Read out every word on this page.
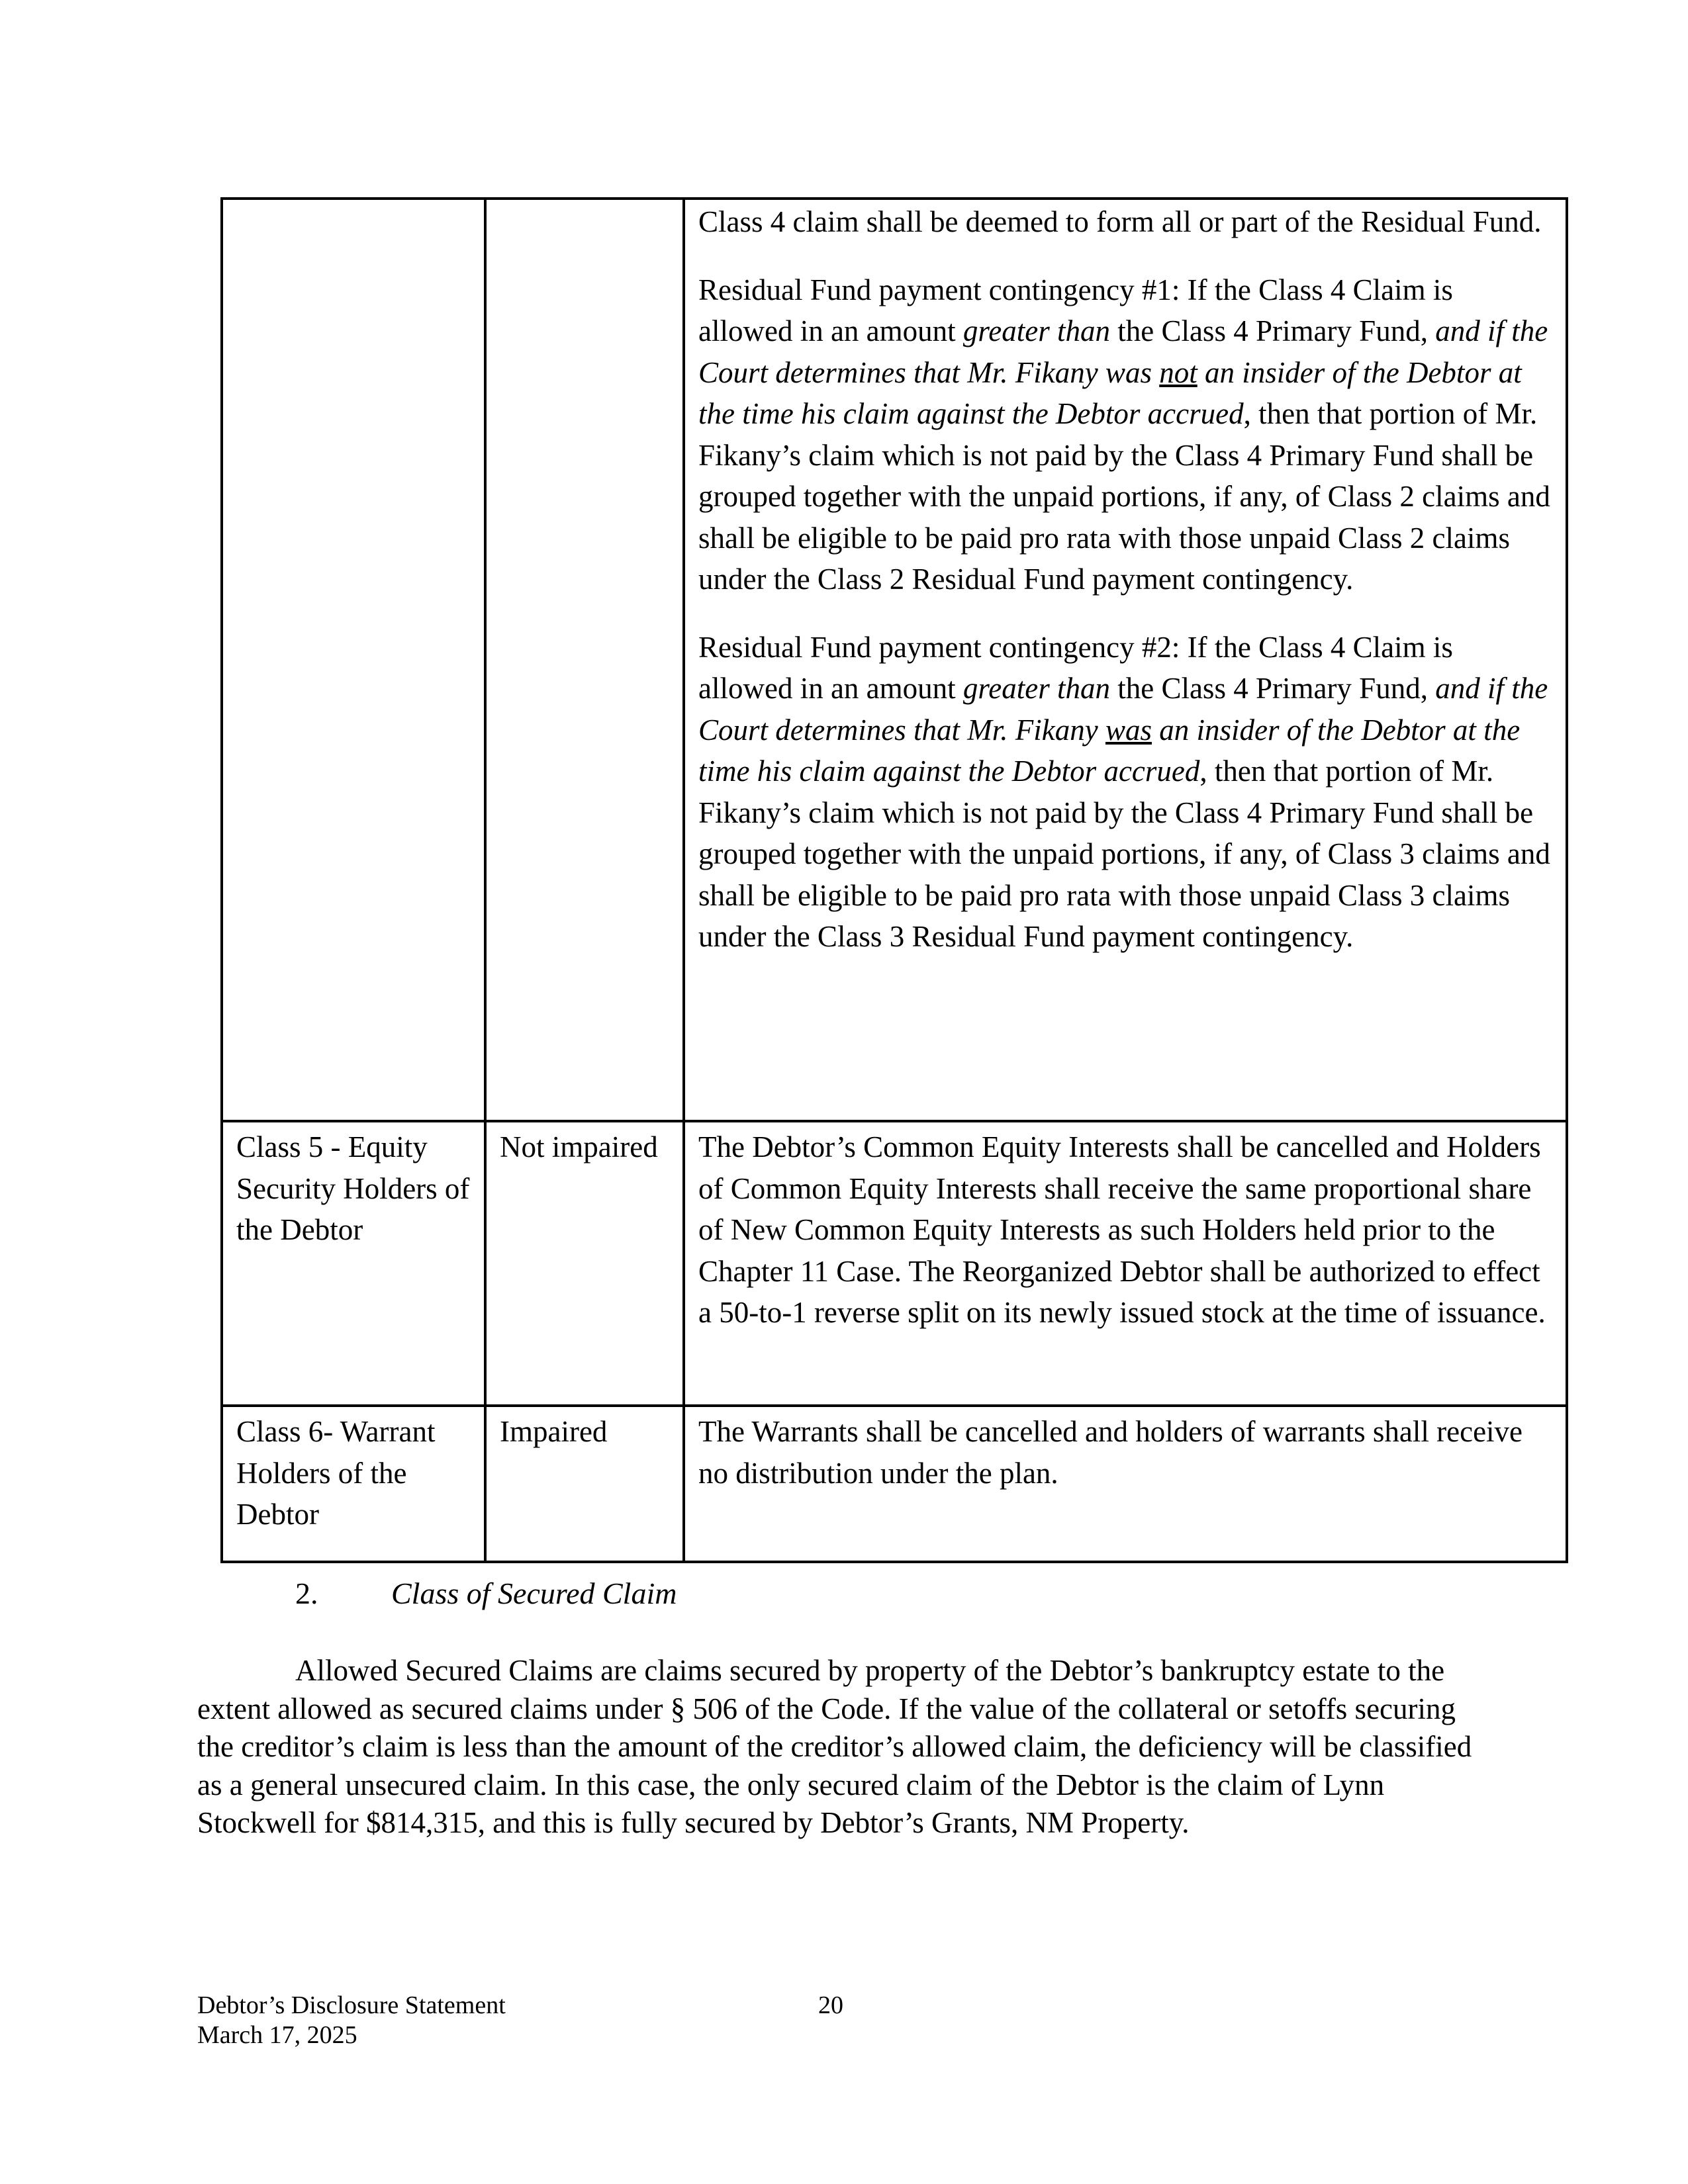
		Class 4 claim shall be deemed to form all or part of the Residual Fund.

Residual Fund payment contingency #1: If the Class 4 Claim is allowed in an amount greater than the Class 4 Primary Fund, and if the Court determines that Mr. Fikany was not an insider of the Debtor at the time his claim against the Debtor accrued, then that portion of Mr. Fikany’s claim which is not paid by the Class 4 Primary Fund shall be grouped together with the unpaid portions, if any, of Class 2 claims and shall be eligible to be paid pro rata with those unpaid Class 2 claims under the Class 2 Residual Fund payment contingency.

Residual Fund payment contingency #2: If the Class 4 Claim is allowed in an amount greater than the Class 4 Primary Fund, and if the Court determines that Mr. Fikany was an insider of the Debtor at the time his claim against the Debtor accrued, then that portion of Mr. Fikany’s claim which is not paid by the Class 4 Primary Fund shall be grouped together with the unpaid portions, if any, of Class 3 claims and shall be eligible to be paid pro rata with those unpaid Class 3 claims under the Class 3 Residual Fund payment contingency.

Class 5 - Equity Security Holders of the Debtor	Not impaired	The Debtor’s Common Equity Interests shall be cancelled and Holders of Common Equity Interests shall receive the same proportional share of New Common Equity Interests as such Holders held prior to the Chapter 11 Case. The Reorganized Debtor shall be authorized to effect a 50-to-1 reverse split on its newly issued stock at the time of issuance.
Class 6- Warrant Holders of the Debtor	Impaired	The Warrants shall be cancelled and holders of warrants shall receive no distribution under the plan.

2. Class of Secured Claim

Allowed Secured Claims are claims secured by property of the Debtor’s bankruptcy estate to the extent allowed as secured claims under § 506 of the Code. If the value of the collateral or setoffs securing the creditor’s claim is less than the amount of the creditor’s allowed claim, the deficiency will be classified as a general unsecured claim. In this case, the only secured claim of the Debtor is the claim of Lynn Stockwell for $814,315, and this is fully secured by Debtor’s Grants, NM Property.

Debtor’s Disclosure Statement
March 17, 2025

20
